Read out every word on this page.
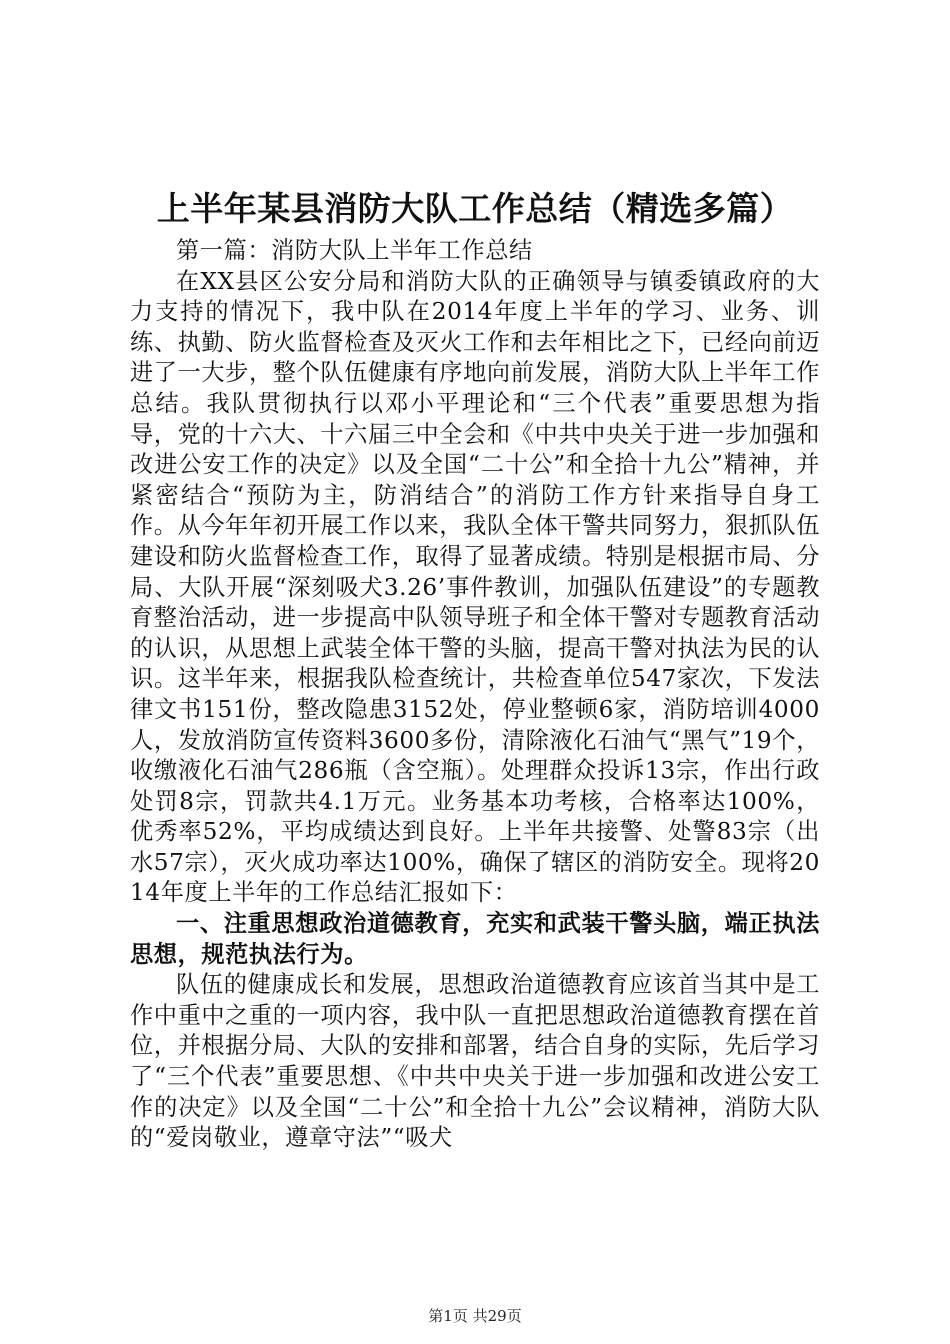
上半年某县消防大队工作总结（精选多篇）

第一篇：消防大队上半年工作总结

在XX县区公安分局和消防大队的正确领导与镇委镇政府的大力支持的情况下，我中队在2014年度上半年的学习、业务、训练、执勤、防火监督检查及灭火工作和去年相比之下，已经向前迈进了一大步，整个队伍健康有序地向前发展，消防大队上半年工作总结。我队贯彻执行以邓小平理论和“三个代表”重要思想为指导，党的十六大、十六届三中全会和《中共中央关于进一步加强和改进公安工作的决定》以及全国“二十公”和全拾十九公”精神，并紧密结合“预防为主，防消结合”的消防工作方针来指导自身工作。从今年年初开展工作以来，我队全体干警共同努力，狠抓队伍建设和防火监督检查工作，取得了显著成绩。特别是根据市局、分局、大队开展“深刻吸犬3.26’事件教训，加强队伍建设”的专题教育整治活动，进一步提高中队领导班子和全体干警对专题教育活动的认识，从思想上武装全体干警的头脑，提高干警对执法为民的认识。这半年来，根据我队检查统计，共检查单位547家次，下发法律文书151份，整改隐患3152处，停业整顿6家，消防培训4000人，发放消防宣传资料3600多份，清除液化石油气“黑气”19个，收缴液化石油气286瓶（含空瓶）。处理群众投诉13宗，作出行政处罚8宗，罚款共4.1万元。业务基本功考核，合格率达100%，优秀率52%，平均成绩达到良好。上半年共接警、处警83宗（出水57宗），灭火成功率达100%，确保了辖区的消防安全。现将2014年度上半年的工作总结汇报如下：

一、注重思想政治道德教育，充实和武装干警头脑，端正执法思想，规范执法行为。

队伍的健康成长和发展，思想政治道德教育应该首当其中是工作中重中之重的一项内容，我中队一直把思想政治道德教育摆在首位，并根据分局、大队的安排和部署，结合自身的实际，先后学习了“三个代表”重要思想、《中共中央关于进一步加强和改进公安工作的决定》以及全国“二十公”和全拾十九公”会议精神，消防大队的“爱岗敬业，遵章守法”“吸犬

第1页 共29页
